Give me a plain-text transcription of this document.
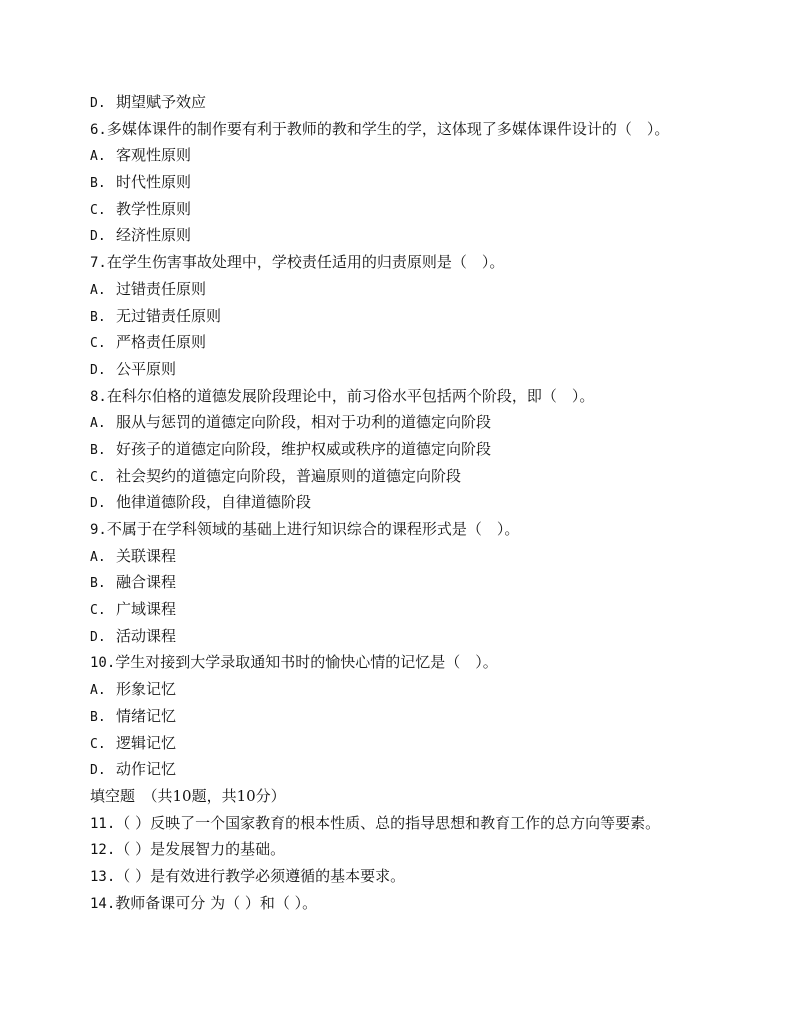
D. 期望赋予效应
6.多媒体课件的制作要有利于教师的教和学生的学，这体现了多媒体课件设计的（　）。
A. 客观性原则
B. 时代性原则
C. 教学性原则
D. 经济性原则
7.在学生伤害事故处理中，学校责任适用的归责原则是（　）。
A. 过错责任原则
B. 无过错责任原则
C. 严格责任原则
D. 公平原则
8.在科尔伯格的道德发展阶段理论中，前习俗水平包括两个阶段，即（　）。
A. 服从与惩罚的道德定向阶段，相对于功利的道德定向阶段
B. 好孩子的道德定向阶段，维护权威或秩序的道德定向阶段
C. 社会契约的道德定向阶段，普遍原则的道德定向阶段
D. 他律道德阶段，自律道德阶段
9.不属于在学科领域的基础上进行知识综合的课程形式是（　）。
A. 关联课程
B. 融合课程
C. 广域课程
D. 活动课程
10.学生对接到大学录取通知书时的愉快心情的记忆是（　）。
A. 形象记忆
B. 情绪记忆
C. 逻辑记忆
D. 动作记忆
填空题　（共10题，共10分）
11.（ ）反映了一个国家教育的根本性质、总的指导思想和教育工作的总方向等要素。
12.（ ）是发展智力的基础。
13.（ ）是有效进行教学必须遵循的基本要求。
14.教师备课可分 为（ ）和（ ）。
